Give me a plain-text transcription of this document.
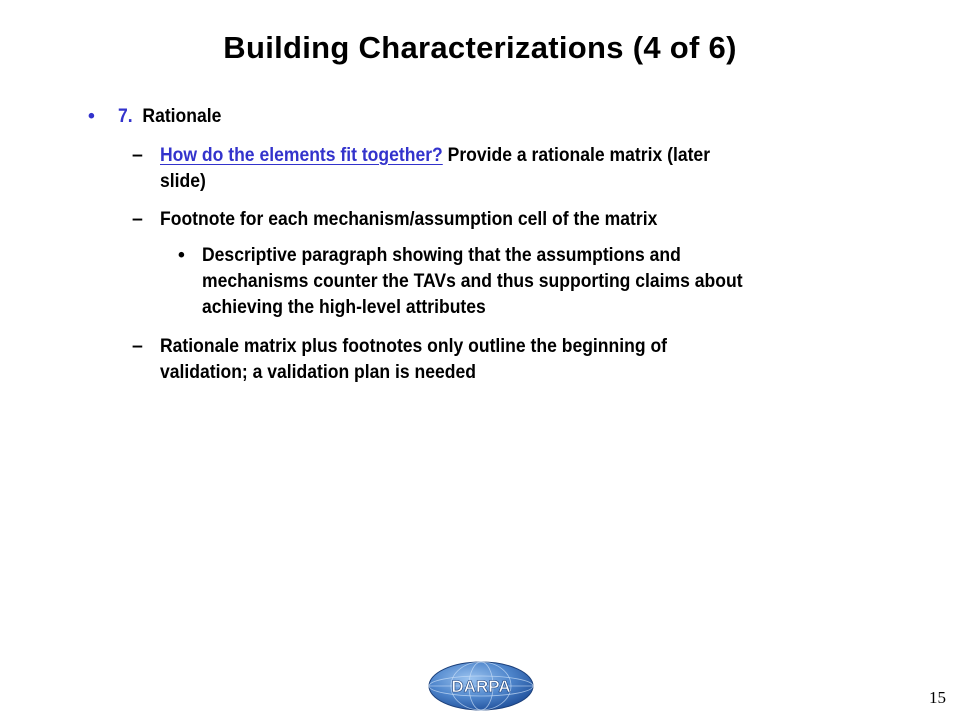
Building Characterizations (4 of 6)
• 7. Rationale
– How do the elements fit together? Provide a rationale matrix (later
slide)
– Footnote for each mechanism/assumption cell of the matrix
• Descriptive paragraph showing that the assumptions and
mechanisms counter the TAVs and thus supporting claims about
achieving the high-level attributes
– Rationale matrix plus footnotes only outline the beginning of
validation; a validation plan is needed
DARPA
15
